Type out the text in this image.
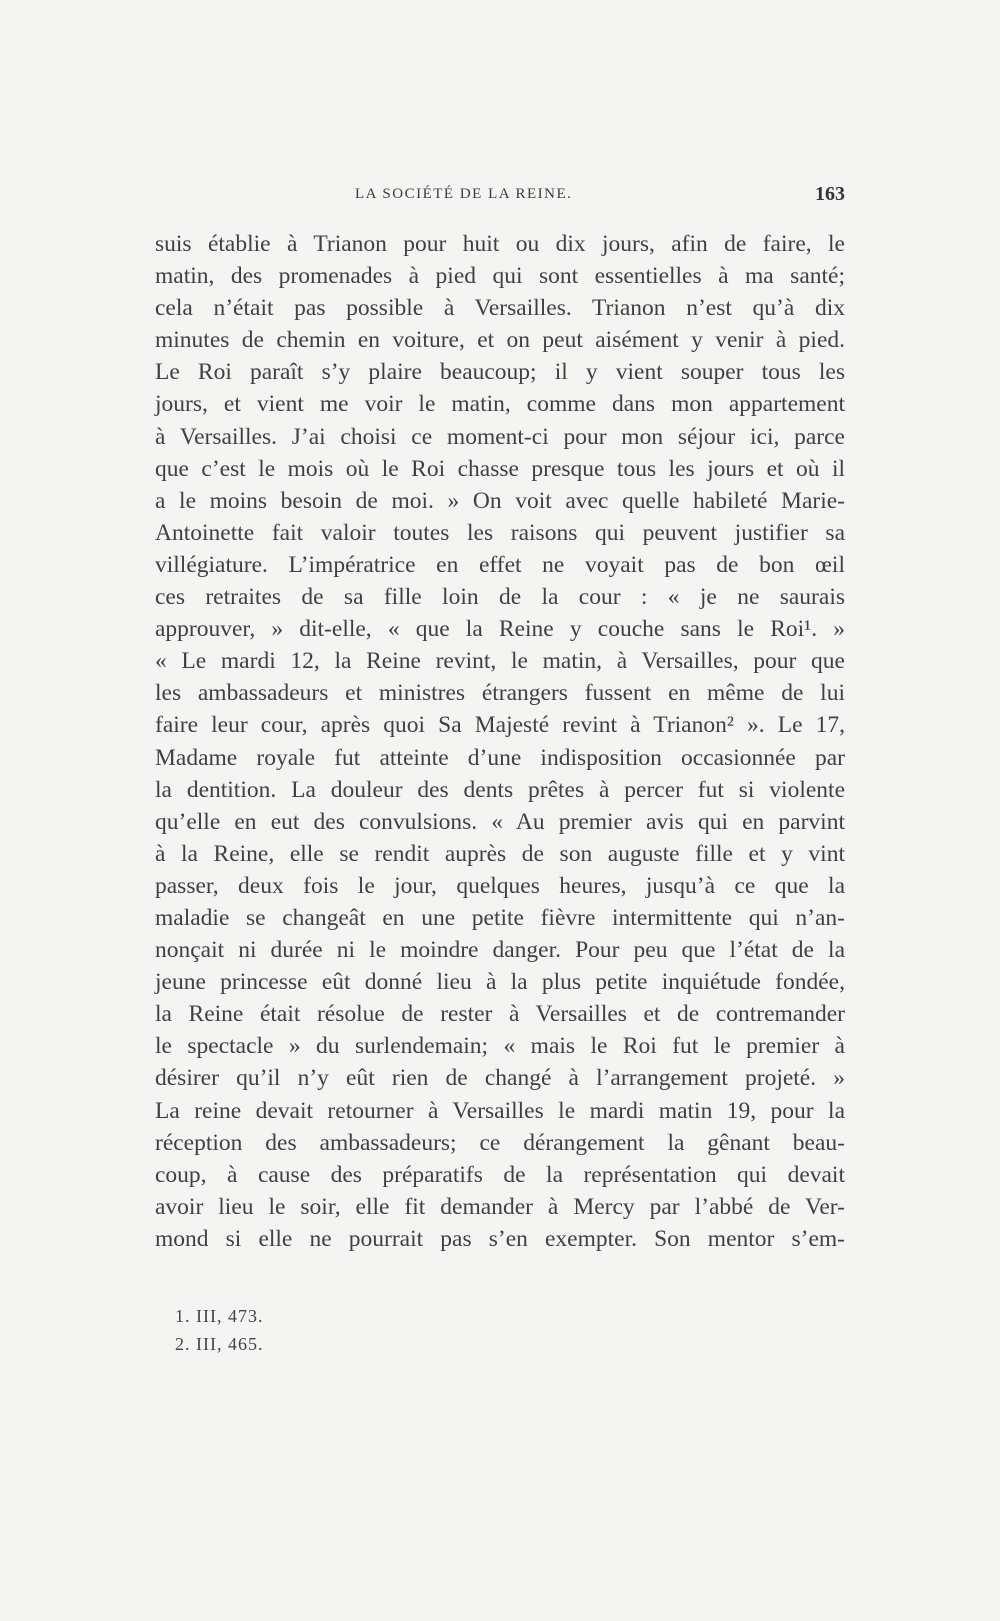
LA SOCIÉTÉ DE LA REINE.	163
suis établie à Trianon pour huit ou dix jours, afin de faire, le
matin, des promenades à pied qui sont essentielles à ma santé;
cela n’était pas possible à Versailles. Trianon n’est qu’à dix
minutes de chemin en voiture, et on peut aisément y venir à pied.
Le Roi paraît s’y plaire beaucoup; il y vient souper tous les
jours, et vient me voir le matin, comme dans mon appartement
à Versailles. J’ai choisi ce moment-ci pour mon séjour ici, parce
que c’est le mois où le Roi chasse presque tous les jours et où il
a le moins besoin de moi. » On voit avec quelle habileté Marie-
Antoinette fait valoir toutes les raisons qui peuvent justifier sa
villégiature. L’impératrice en effet ne voyait pas de bon œil
ces retraites de sa fille loin de la cour : « je ne saurais
approuver, » dit-elle, « que la Reine y couche sans le Roi¹. »
« Le mardi 12, la Reine revint, le matin, à Versailles, pour que
les ambassadeurs et ministres étrangers fussent en même de lui
faire leur cour, après quoi Sa Majesté revint à Trianon² ». Le 17,
Madame royale fut atteinte d’une indisposition occasionnée par
la dentition. La douleur des dents prêtes à percer fut si violente
qu’elle en eut des convulsions. « Au premier avis qui en parvint
à la Reine, elle se rendit auprès de son auguste fille et y vint
passer, deux fois le jour, quelques heures, jusqu’à ce que la
maladie se changeât en une petite fièvre intermittente qui n’an-
nonçait ni durée ni le moindre danger. Pour peu que l’état de la
jeune princesse eût donné lieu à la plus petite inquiétude fondée,
la Reine était résolue de rester à Versailles et de contremander
le spectacle » du surlendemain; « mais le Roi fut le premier à
désirer qu’il n’y eût rien de changé à l’arrangement projeté. »
La reine devait retourner à Versailles le mardi matin 19, pour la
réception des ambassadeurs; ce dérangement la gênant beau-
coup, à cause des préparatifs de la représentation qui devait
avoir lieu le soir, elle fit demander à Mercy par l’abbé de Ver-
mond si elle ne pourrait pas s’en exempter. Son mentor s’em-
1. III, 473.
2. III, 465.
